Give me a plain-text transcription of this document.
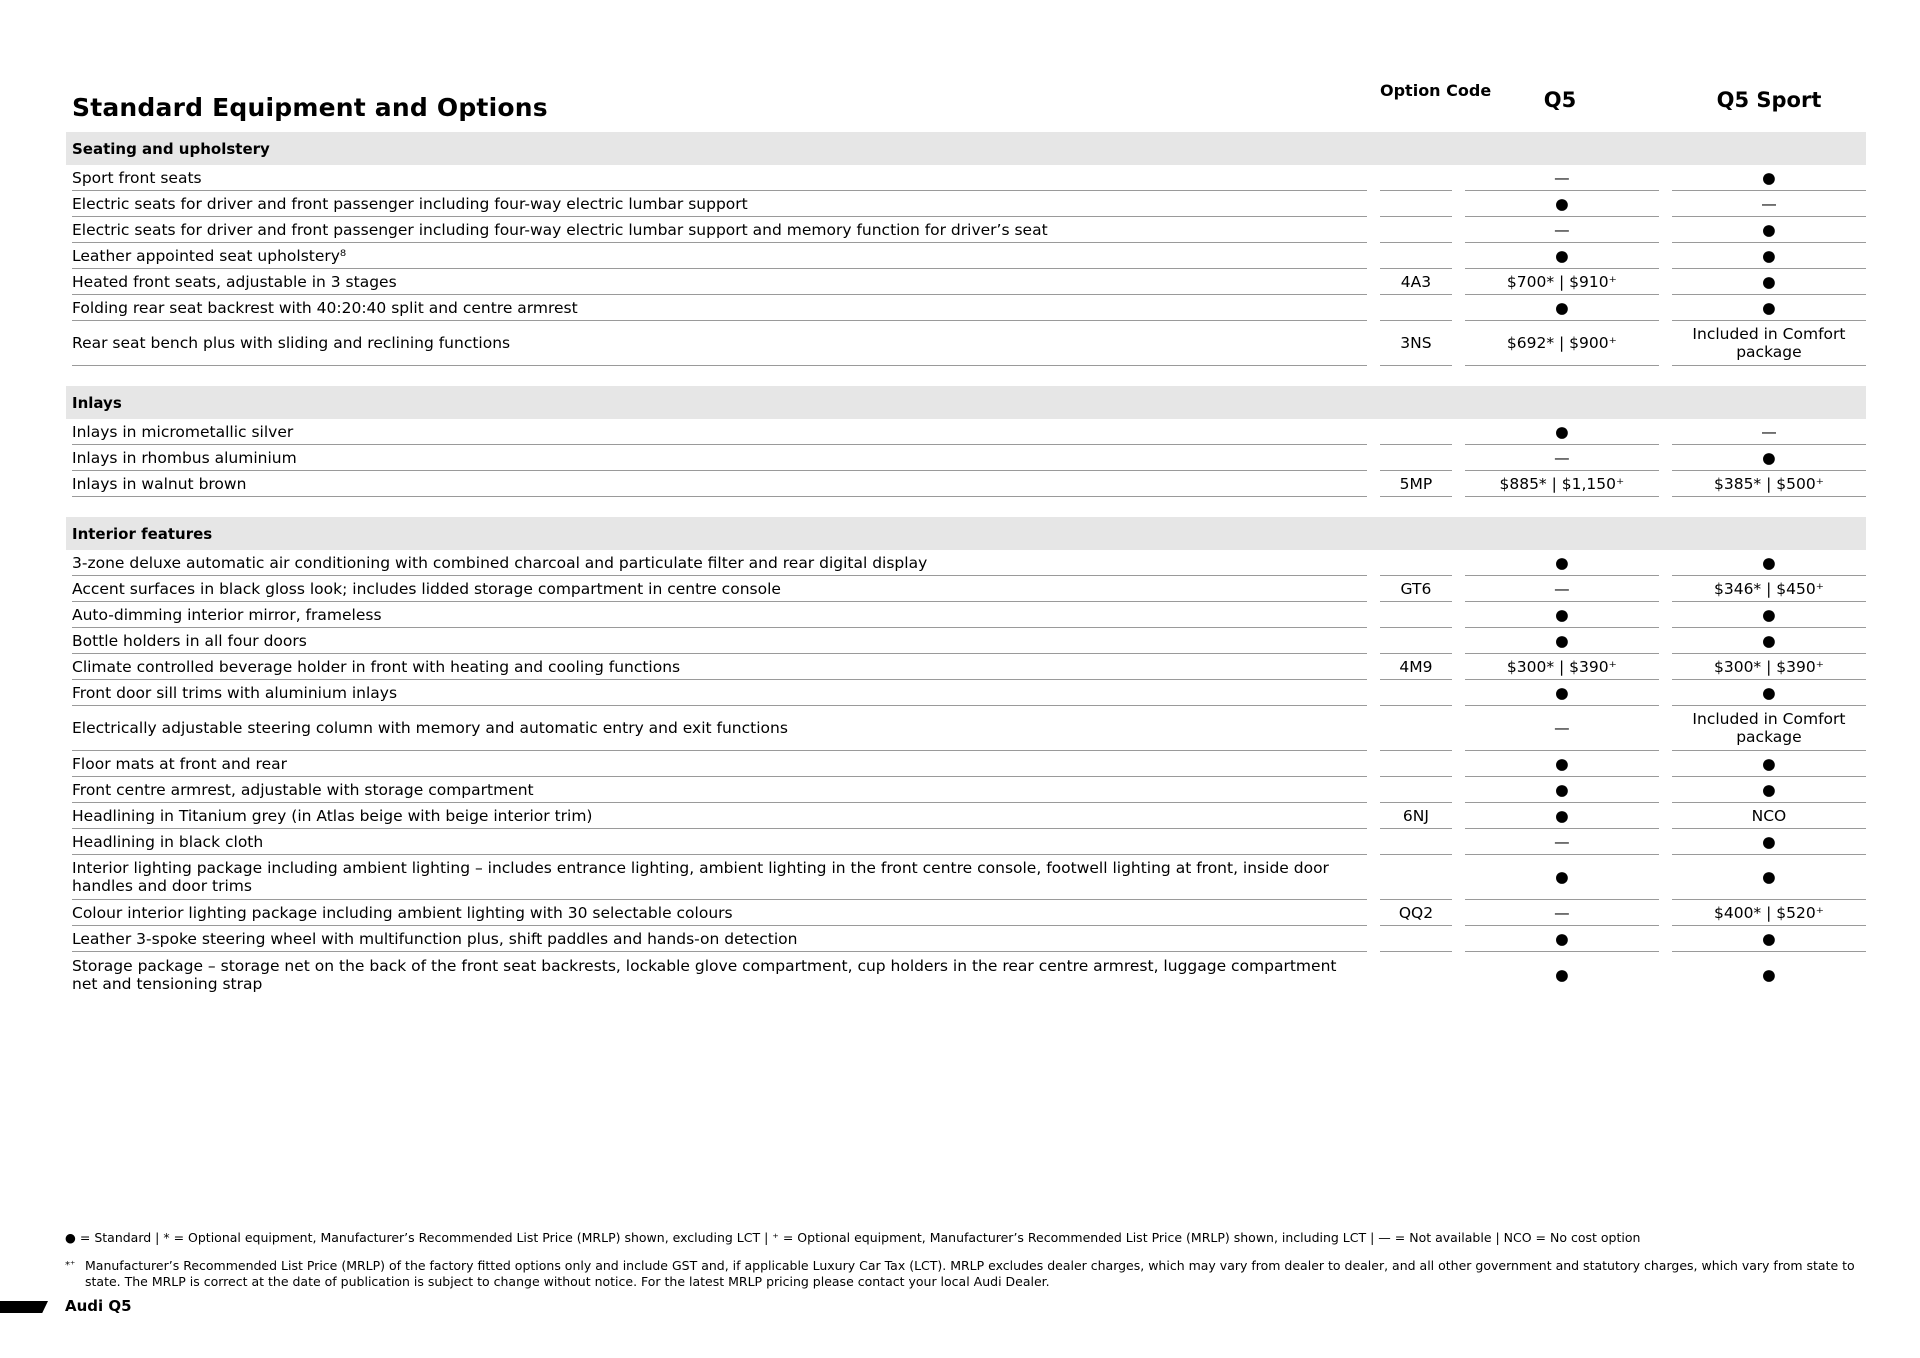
Standard Equipment and Options
Option Code	Q5	Q5 Sport
Seating and upholstery
Sport front seats	—	●
Electric seats for driver and front passenger including four-way electric lumbar support	●	—
Electric seats for driver and front passenger including four-way electric lumbar support and memory function for driver’s seat	—	●
Leather appointed seat upholstery⁸	●	●
Heated front seats, adjustable in 3 stages	4A3	$700* | $910⁺	●
Folding rear seat backrest with 40:20:40 split and centre armrest	●	●
Rear seat bench plus with sliding and reclining functions	3NS	$692* | $900⁺	Included in Comfort package
Inlays
Inlays in micrometallic silver	●	—
Inlays in rhombus aluminium	—	●
Inlays in walnut brown	5MP	$885* | $1,150⁺	$385* | $500⁺
Interior features
3-zone deluxe automatic air conditioning with combined charcoal and particulate filter and rear digital display	●	●
Accent surfaces in black gloss look; includes lidded storage compartment in centre console	GT6	—	$346* | $450⁺
Auto-dimming interior mirror, frameless	●	●
Bottle holders in all four doors	●	●
Climate controlled beverage holder in front with heating and cooling functions	4M9	$300* | $390⁺	$300* | $390⁺
Front door sill trims with aluminium inlays	●	●
Electrically adjustable steering column with memory and automatic entry and exit functions	—	Included in Comfort package
Floor mats at front and rear	●	●
Front centre armrest, adjustable with storage compartment	●	●
Headlining in Titanium grey (in Atlas beige with beige interior trim)	6NJ	●	NCO
Headlining in black cloth	—	●
Interior lighting package including ambient lighting – includes entrance lighting, ambient lighting in the front centre console, footwell lighting at front, inside door handles and door trims	●	●
Colour interior lighting package including ambient lighting with 30 selectable colours	QQ2	—	$400* | $520⁺
Leather 3-spoke steering wheel with multifunction plus, shift paddles and hands-on detection	●	●
Storage package – storage net on the back of the front seat backrests, lockable glove compartment, cup holders in the rear centre armrest, luggage compartment net and tensioning strap	●	●
● = Standard | * = Optional equipment, Manufacturer’s Recommended List Price (MRLP) shown, excluding LCT | ⁺ = Optional equipment, Manufacturer’s Recommended List Price (MRLP) shown, including LCT | — = Not available | NCO = No cost option
*⁺ Manufacturer’s Recommended List Price (MRLP) of the factory fitted options only and include GST and, if applicable Luxury Car Tax (LCT). MRLP excludes dealer charges, which may vary from dealer to dealer, and all other government and statutory charges, which vary from state to state. The MRLP is correct at the date of publication is subject to change without notice. For the latest MRLP pricing please contact your local Audi Dealer.
Audi Q5
